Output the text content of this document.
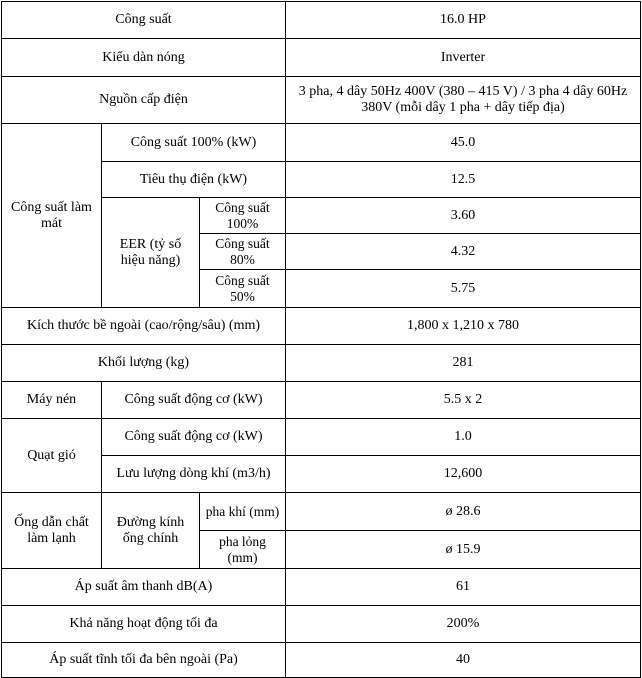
Công suất			16.0 HP
Kiểu dàn nóng			Inverter
Nguồn cấp điện			3 pha, 4 dây 50Hz 400V (380 – 415 V) / 3 pha 4 dây 60Hz 380V (mỗi dây 1 pha + dây tiếp địa)
Công suất làm mát	Công suất 100% (kW)		45.0
	Tiêu thụ điện (kW)		12.5
	EER (tỷ số hiệu năng)	Công suất 100%	3.60
		Công suất 80%	4.32
		Công suất 50%	5.75
Kích thước bề ngoài (cao/rộng/sâu) (mm)			1,800 x 1,210 x 780
Khối lượng (kg)			281
Máy nén	Công suất động cơ (kW)		5.5 x 2
Quạt gió	Công suất động cơ (kW)		1.0
	Lưu lượng dòng khí (m3/h)		12,600
Ống dẫn chất làm lạnh	Đường kính ống chính	pha khí (mm)	ø 28.6
		pha lỏng (mm)	ø 15.9
Áp suất âm thanh dB(A)			61
Khả năng hoạt động tối đa			200%
Áp suất tĩnh tối đa bên ngoài (Pa)			40
